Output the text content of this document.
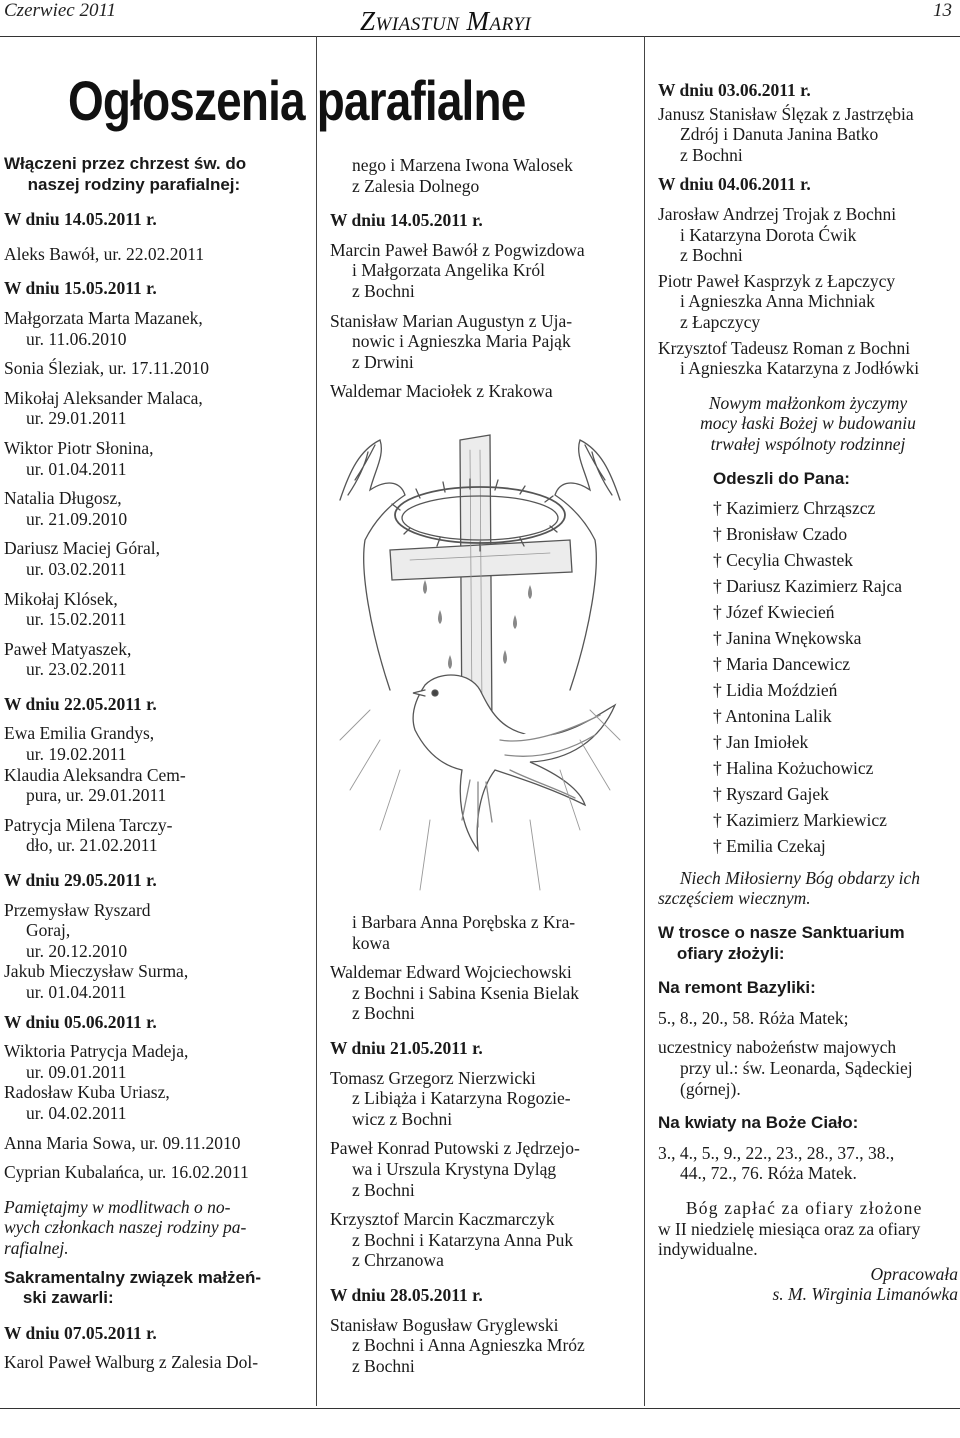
Czerwiec 2011	Zwiastun Maryi	13
Ogłoszenia parafialne

Włączeni przez chrzest św. do
naszej rodziny parafialnej:

W dniu 14.05.2011 r.

Aleks Bawół, ur. 22.02.2011

W dniu 15.05.2011 r.

Małgorzata Marta Mazanek,

ur. 11.06.2010

Sonia Śleziak, ur. 17.11.2010

Mikołaj Aleksander Malaca,

ur. 29.01.2011

Wiktor Piotr Słonina,

ur. 01.04.2011

Natalia Długosz,

ur. 21.09.2010

Dariusz Maciej Góral,

ur. 03.02.2011

Mikołaj Klósek,

ur. 15.02.2011

Paweł Matyaszek,

ur. 23.02.2011

W dniu 22.05.2011 r.

Ewa Emilia Grandys,

ur. 19.02.2011

Klaudia Aleksandra Cem-

pura, ur. 29.01.2011

Patrycja Milena Tarczy-

dło, ur. 21.02.2011

W dniu 29.05.2011 r.

Przemysław Ryszard

Goraj,

ur. 20.12.2010

Jakub Mieczysław Surma,

ur. 01.04.2011

W dniu 05.06.2011 r.

Wiktoria Patrycja Madeja,

ur. 09.01.2011

Radosław Kuba Uriasz,

ur. 04.02.2011

Anna Maria Sowa, ur. 09.11.2010

Cyprian Kubalańca, ur. 16.02.2011

Pamiętajmy w modlitwach o no-
wych członkach naszej rodziny pa-
rafialnej.

Sakramentalny związek małżeń-
ski zawarli:

W dniu 07.05.2011 r.

Karol Paweł Walburg z Zalesia Dol-

nego i Marzena Iwona Walosek

z Zalesia Dolnego

W dniu 14.05.2011 r.

Marcin Paweł Bawół z Pogwizdowa

i Małgorzata Angelika Król

z Bochni

Stanisław Marian Augustyn z Uja-

nowic i Agnieszka Maria Pająk

z Drwini

Waldemar Maciołek z Krakowa

i Barbara Anna Porębska z Kra-

kowa

Waldemar Edward Wojciechowski

z Bochni i Sabina Ksenia Bielak

z Bochni

W dniu 21.05.2011 r.

Tomasz Grzegorz Nierzwicki

z Libiąża i Katarzyna Rogozie-

wicz z Bochni

Paweł Konrad Putowski z Jędrzejo-

wa i Urszula Krystyna Dyląg

z Bochni

Krzysztof Marcin Kaczmarczyk

z Bochni i Katarzyna Anna Puk

z Chrzanowa

W dniu 28.05.2011 r.

Stanisław Bogusław Gryglewski

z Bochni i Anna Agnieszka Mróz

z Bochni

W dniu 03.06.2011 r.

Janusz Stanisław Ślęzak z Jastrzębia

Zdrój i Danuta Janina Batko

z Bochni

W dniu 04.06.2011 r.

Jarosław Andrzej Trojak z Bochni

i Katarzyna Dorota Ćwik

z Bochni

Piotr Paweł Kasprzyk z Łapczycy

i Agnieszka Anna Michniak

z Łapczycy

Krzysztof Tadeusz Roman z Bochni

i Agnieszka Katarzyna z Jodłówki

Nowym małżonkom życzymy
mocy łaski Bożej w budowaniu
trwałej wspólnoty rodzinnej

Odeszli do Pana:

† Kazimierz Chrząszcz

† Bronisław Czado

† Cecylia Chwastek

† Dariusz Kazimierz Rajca

† Józef Kwiecień

† Janina Wnękowska

† Maria Dancewicz

† Lidia Moździeń

† Antonina Lalik

† Jan Imiołek

† Halina Kożuchowicz

† Ryszard Gajek

† Kazimierz Markiewicz

† Emilia Czekaj

Niech Miłosierny Bóg obdarzy ich
szczęściem wiecznym.

W trosce o nasze Sanktuarium
ofiary złożyli:

Na remont Bazyliki:

5., 8., 20., 58. Róża Matek;

uczestnicy nabożeństw majowych

przy ul.: św. Leonarda, Sądeckiej

(górnej).

Na kwiaty na Boże Ciało:

3., 4., 5., 9., 22., 23., 28., 37., 38.,

44., 72., 76. Róża Matek.

Bóg zapłać za ofiary złożone

w II niedzielę miesiąca oraz za ofiary

indywidualne.

Opracowała
s. M. Wirginia Limanówka
